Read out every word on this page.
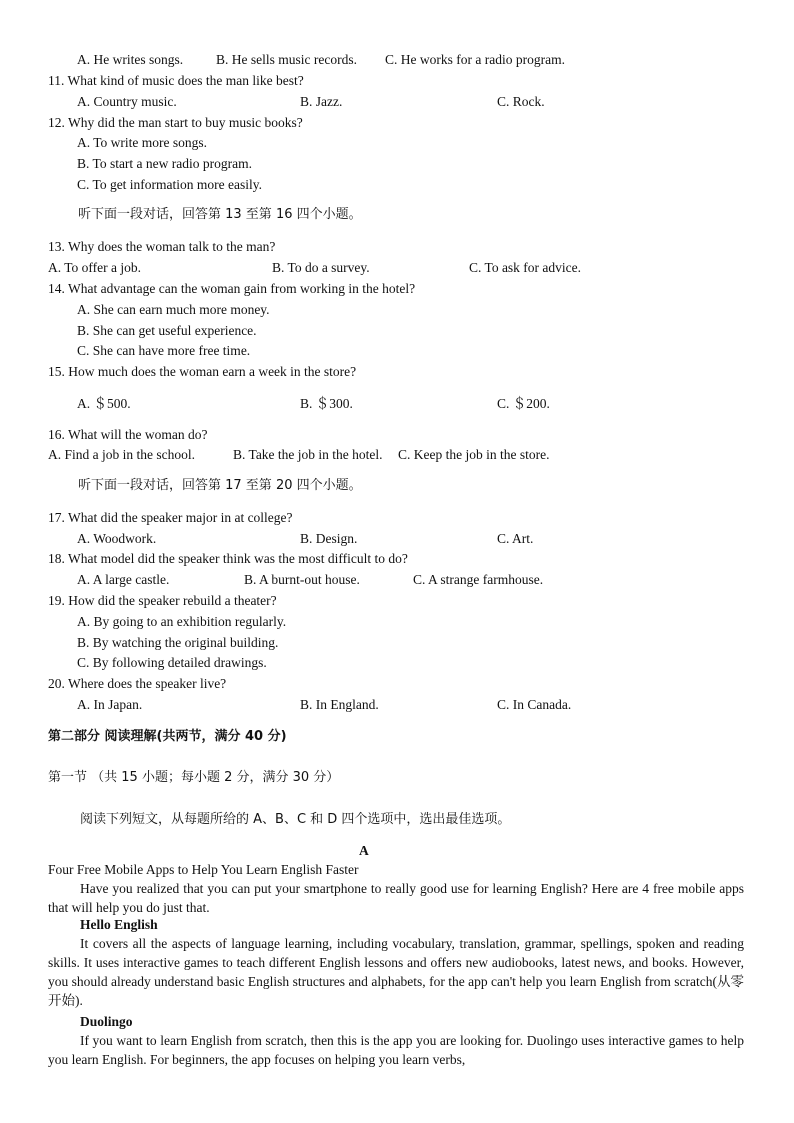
A. He writes songs. B. He sells music records. C. He works for a radio program.
11. What kind of music does the man like best?
A. Country music.	B. Jazz.	C. Rock.
12. Why did the man start to buy music books?
A. To write more songs.
B. To start a new radio program.
C. To get information more easily.
听下面一段对话，回答第 13 至第 16 四个小题。
13. Why does the woman talk to the man?
A. To offer a job.	B. To do a survey.	C. To ask for advice.
14. What advantage can the woman gain from working in the hotel?
A. She can earn much more money.
B. She can get useful experience.
C. She can have more free time.
15. How much does the woman earn a week in the store?
A. ＄500.	B. ＄300.	C. ＄200.
16. What will the woman do?
A. Find a job in the school.	B. Take the job in the hotel. C. Keep the job in the store.
听下面一段对话，回答第 17 至第 20 四个小题。
17. What did the speaker major in at college?
A. Woodwork.	B. Design.	C. Art.
18. What model did the speaker think was the most difficult to do?
A. A large castle.	B. A burnt-out house.	C. A strange farmhouse.
19. How did the speaker rebuild a theater?
A. By going to an exhibition regularly.
B. By watching the original building.
C. By following detailed drawings.
20. Where does the speaker live?
A. In Japan.	B. In England.	C. In Canada.
第二部分 阅读理解(共两节，满分 40 分)
第一节 （共 15 小题；每小题 2 分，满分 30 分）
阅读下列短文，从每题所给的 A、B、C 和 D 四个选项中，选出最佳选项。
A
Four Free Mobile Apps to Help You Learn English Faster
Have you realized that you can put your smartphone to really good use for learning English? Here are 4 free mobile apps that will help you do just that.
Hello English
It covers all the aspects of language learning, including vocabulary, translation, grammar, spellings, spoken and reading skills. It uses interactive games to teach different English lessons and offers new audiobooks, latest news, and books. However, you should already understand basic English structures and alphabets, for the app can't help you learn English from scratch(从零开始).
Duolingo
If you want to learn English from scratch, then this is the app you are looking for. Duolingo uses interactive games to help you learn English. For beginners, the app focuses on helping you learn verbs,
